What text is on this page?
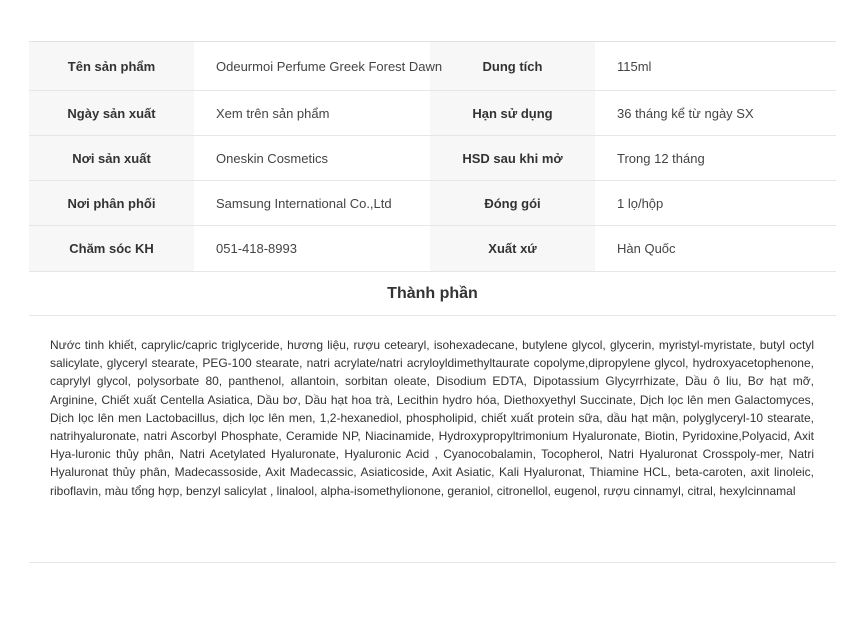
Tên sản phẩm	Odeurmoi Perfume Greek Forest Dawn	Dung tích	115ml
Ngày sản xuất	Xem trên sản phẩm	Hạn sử dụng	36 tháng kể từ ngày SX
Nơi sản xuất	Oneskin Cosmetics	HSD sau khi mở	Trong 12 tháng
Nơi phân phối	Samsung International Co.,Ltd	Đóng gói	1 lọ/hộp
Chăm sóc KH	051-418-8993	Xuất xứ	Hàn Quốc
Thành phần
Nước tinh khiết, caprylic/capric triglyceride, hương liệu, rượu cetearyl, isohexadecane, butylene glycol, glycerin, myristyl-myristate, butyl octyl salicylate, glyceryl stearate, PEG-100 stearate, natri acrylate/natri acryloyldimethyltaurate copolyme,dipropylene glycol, hydroxyacetophenone, caprylyl glycol, polysorbate 80, panthenol, allantoin, sorbitan oleate, Disodium EDTA, Dipotassium Glycyrrhizate, Dầu ô liu, Bơ hạt mỡ, Arginine, Chiết xuất Centella Asiatica, Dầu bơ, Dầu hạt hoa trà, Lecithin hydro hóa, Diethoxyethyl Succinate, Dịch lọc lên men Galactomyces, Dịch lọc lên men Lactobacillus, dịch lọc lên men, 1,2-hexanediol, phospholipid, chiết xuất protein sữa, dầu hạt mận, polyglyceryl-10 stearate, natrihyaluronate, natri Ascorbyl Phosphate, Ceramide NP, Niacinamide, Hydroxypropyltrimonium Hyaluronate, Biotin, Pyridoxine,Polyacid, Axit Hya-luronic thủy phân, Natri Acetylated Hyaluronate, Hyaluronic Acid , Cyanocobalamin, Tocopherol, Natri Hyaluronat Crosspoly-mer, Natri Hyaluronat thủy phân, Madecassoside, Axit Madecassic, Asiaticoside, Axit Asiatic, Kali Hyaluronat, Thiamine HCL, beta-caroten, axit linoleic, riboflavin, màu tổng hợp, benzyl salicylat , linalool, alpha-isomethylionone, geraniol, citronellol, eugenol, rượu cinnamyl, citral, hexylcinnamal
